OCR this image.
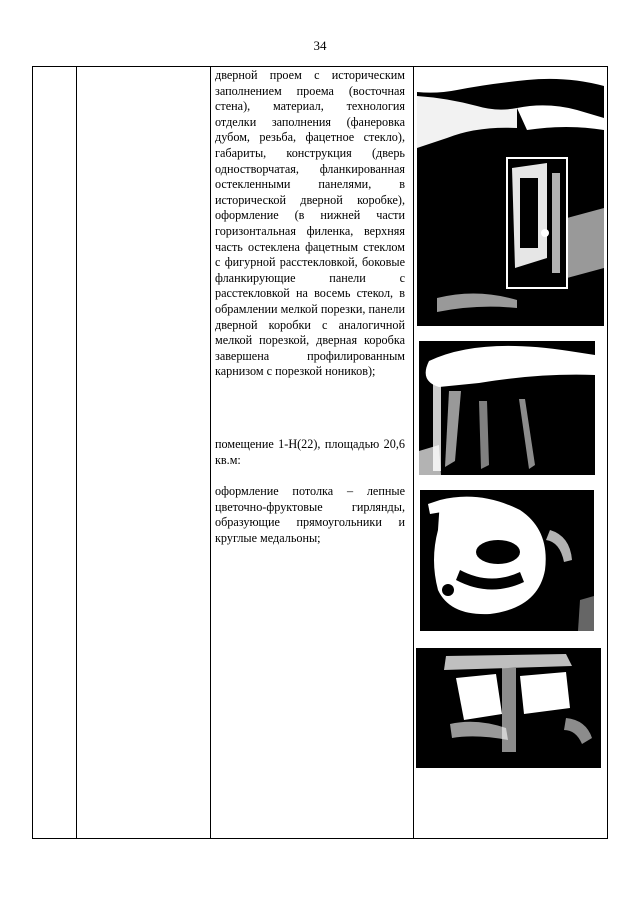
34

дверной проем с историческим заполнением проема (восточная стена), материал, технология отделки заполнения (фанеровка дубом, резьба, фацетное стекло), габариты, конструкция (дверь одностворчатая, фланкированная остекленными панелями, в исторической дверной коробке), оформление (в нижней части горизонтальная филенка, верхняя часть остеклена фацетным стеклом с фигурной расстекловкой, боковые фланкирующие панели с расстекловкой на восемь стекол, в обрамлении мелкой порезки, панели дверной коробки с аналогичной мелкой порезкой, дверная коробка завершена профилированным карнизом с порезкой ноников);

помещение 1-Н(22), площадью 20,6 кв.м:

оформление потолка – лепные цветочно-фруктовые гирлянды, образующие прямоугольники и круглые медальоны;
